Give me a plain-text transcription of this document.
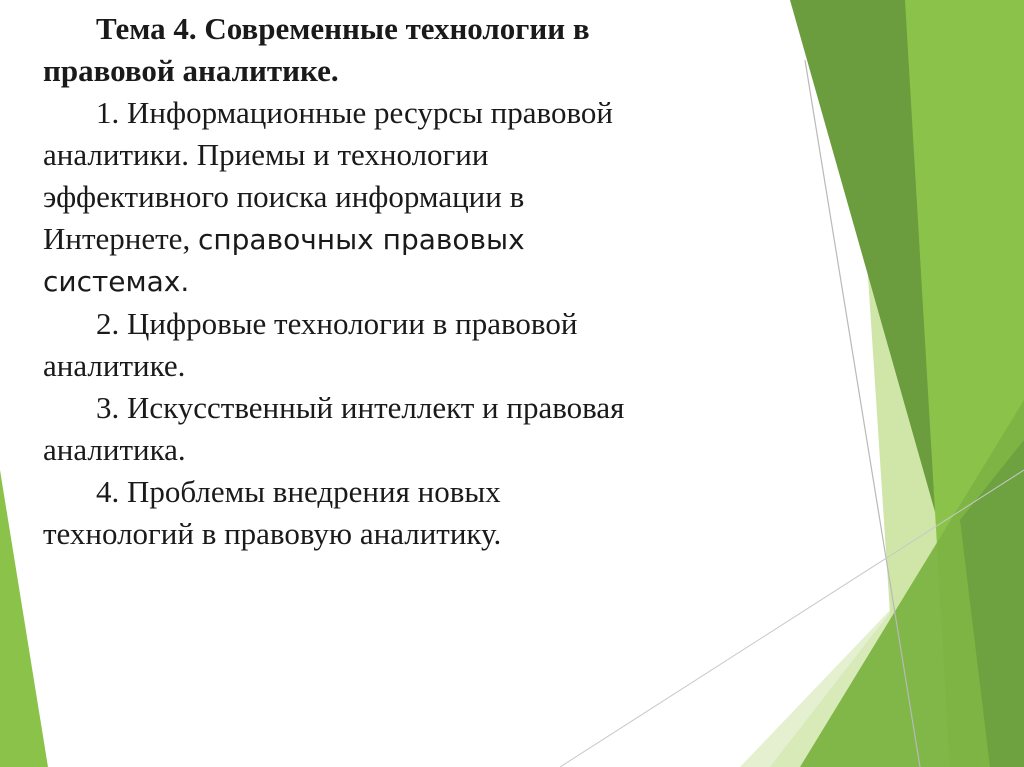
Тема 4. Современные технологии в
правовой аналитике.
1. Информационные ресурсы правовой
аналитики. Приемы и технологии
эффективного поиска информации в
Интернете, справочных правовых
системах.
2. Цифровые технологии в правовой
аналитике.
3. Искусственный интеллект и правовая
аналитика.
4. Проблемы внедрения новых
технологий в правовую аналитику.
